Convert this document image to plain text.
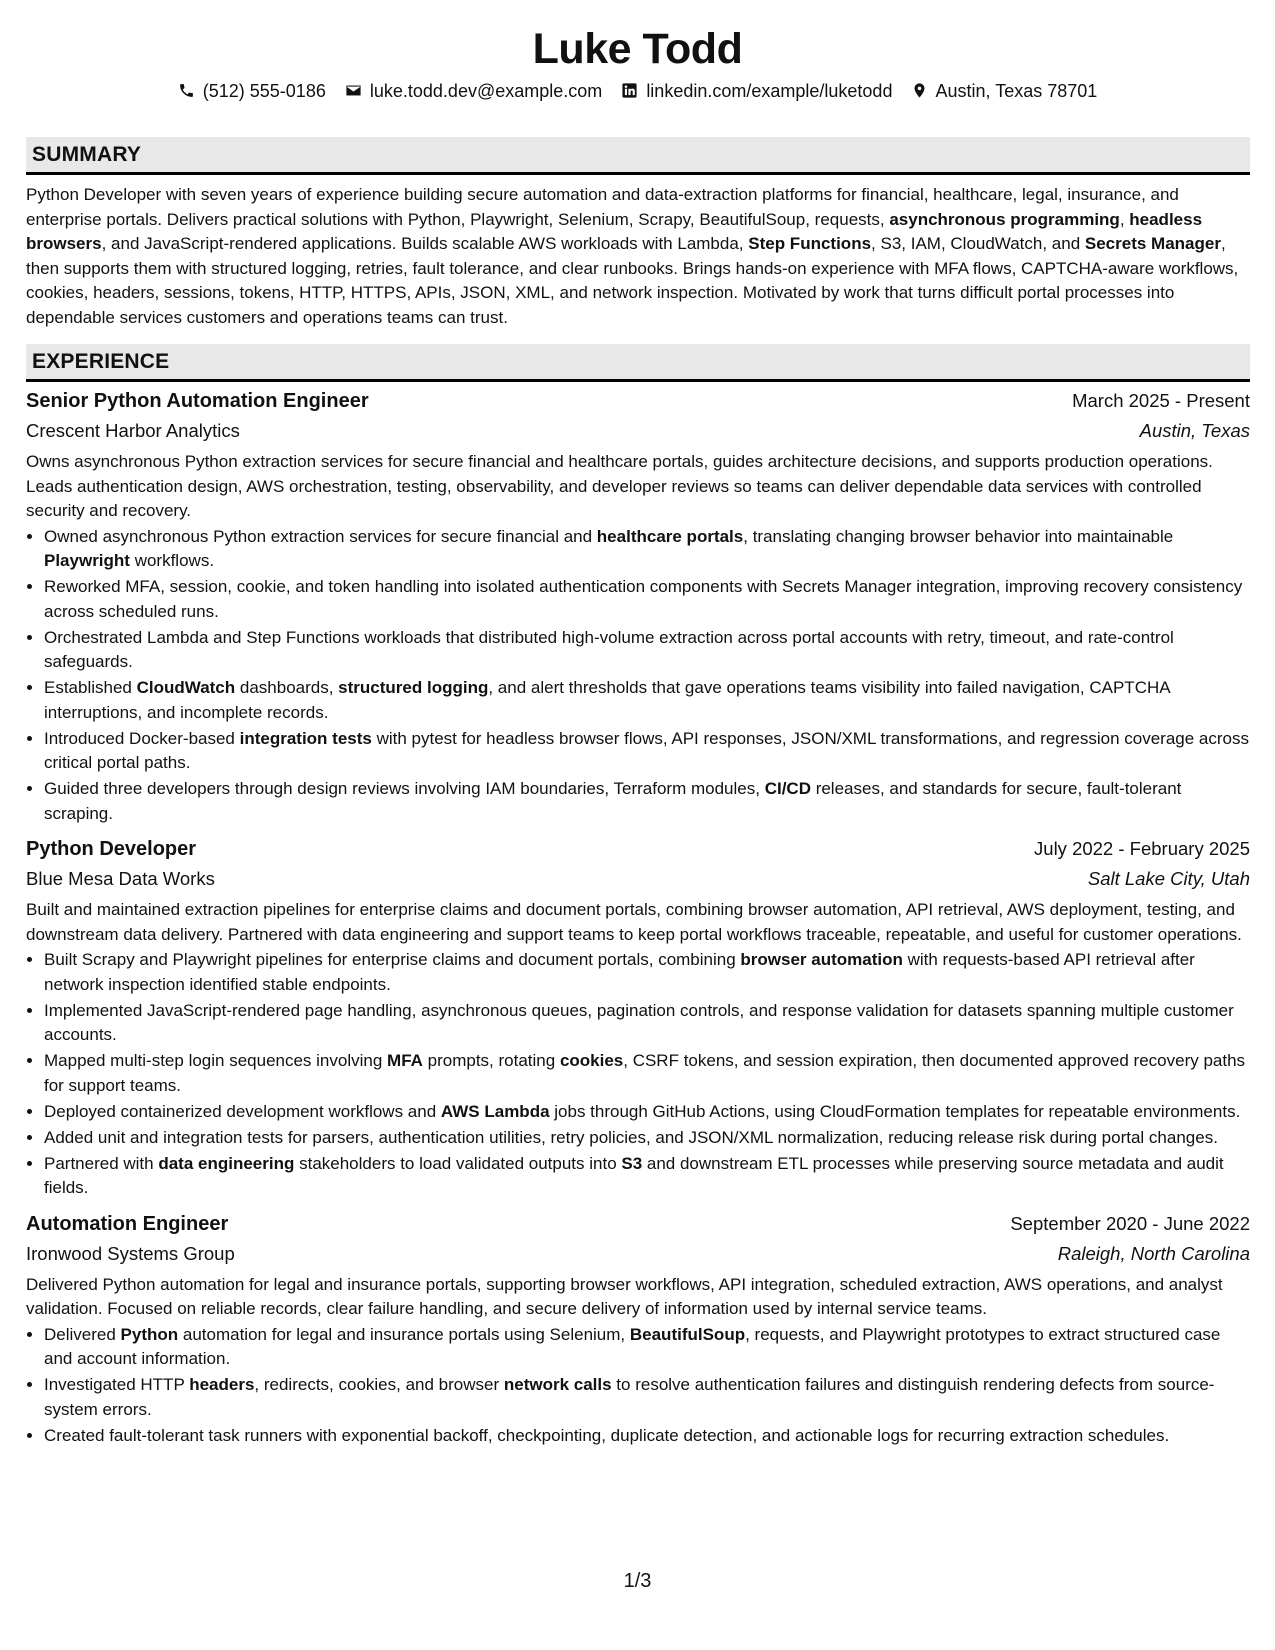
Luke Todd
(512) 555-0186 luke.todd.dev@example.com linkedin.com/example/luketodd Austin, Texas 78701
SUMMARY
Python Developer with seven years of experience building secure automation and data-extraction platforms for financial, healthcare, legal, insurance, and enterprise portals. Delivers practical solutions with Python, Playwright, Selenium, Scrapy, BeautifulSoup, requests, asynchronous programming, headless browsers, and JavaScript-rendered applications. Builds scalable AWS workloads with Lambda, Step Functions, S3, IAM, CloudWatch, and Secrets Manager, then supports them with structured logging, retries, fault tolerance, and clear runbooks. Brings hands-on experience with MFA flows, CAPTCHA-aware workflows, cookies, headers, sessions, tokens, HTTP, HTTPS, APIs, JSON, XML, and network inspection. Motivated by work that turns difficult portal processes into dependable services customers and operations teams can trust.
EXPERIENCE
Senior Python Automation Engineer	March 2025 - Present
Crescent Harbor Analytics	Austin, Texas
Owns asynchronous Python extraction services for secure financial and healthcare portals, guides architecture decisions, and supports production operations. Leads authentication design, AWS orchestration, testing, observability, and developer reviews so teams can deliver dependable data services with controlled security and recovery.
• Owned asynchronous Python extraction services for secure financial and healthcare portals, translating changing browser behavior into maintainable Playwright workflows.
• Reworked MFA, session, cookie, and token handling into isolated authentication components with Secrets Manager integration, improving recovery consistency across scheduled runs.
• Orchestrated Lambda and Step Functions workloads that distributed high-volume extraction across portal accounts with retry, timeout, and rate-control safeguards.
• Established CloudWatch dashboards, structured logging, and alert thresholds that gave operations teams visibility into failed navigation, CAPTCHA interruptions, and incomplete records.
• Introduced Docker-based integration tests with pytest for headless browser flows, API responses, JSON/XML transformations, and regression coverage across critical portal paths.
• Guided three developers through design reviews involving IAM boundaries, Terraform modules, CI/CD releases, and standards for secure, fault-tolerant scraping.
Python Developer	July 2022 - February 2025
Blue Mesa Data Works	Salt Lake City, Utah
Built and maintained extraction pipelines for enterprise claims and document portals, combining browser automation, API retrieval, AWS deployment, testing, and downstream data delivery. Partnered with data engineering and support teams to keep portal workflows traceable, repeatable, and useful for customer operations.
• Built Scrapy and Playwright pipelines for enterprise claims and document portals, combining browser automation with requests-based API retrieval after network inspection identified stable endpoints.
• Implemented JavaScript-rendered page handling, asynchronous queues, pagination controls, and response validation for datasets spanning multiple customer accounts.
• Mapped multi-step login sequences involving MFA prompts, rotating cookies, CSRF tokens, and session expiration, then documented approved recovery paths for support teams.
• Deployed containerized development workflows and AWS Lambda jobs through GitHub Actions, using CloudFormation templates for repeatable environments.
• Added unit and integration tests for parsers, authentication utilities, retry policies, and JSON/XML normalization, reducing release risk during portal changes.
• Partnered with data engineering stakeholders to load validated outputs into S3 and downstream ETL processes while preserving source metadata and audit fields.
Automation Engineer	September 2020 - June 2022
Ironwood Systems Group	Raleigh, North Carolina
Delivered Python automation for legal and insurance portals, supporting browser workflows, API integration, scheduled extraction, AWS operations, and analyst validation. Focused on reliable records, clear failure handling, and secure delivery of information used by internal service teams.
• Delivered Python automation for legal and insurance portals using Selenium, BeautifulSoup, requests, and Playwright prototypes to extract structured case and account information.
• Investigated HTTP headers, redirects, cookies, and browser network calls to resolve authentication failures and distinguish rendering defects from source-system errors.
• Created fault-tolerant task runners with exponential backoff, checkpointing, duplicate detection, and actionable logs for recurring extraction schedules.
1/3
